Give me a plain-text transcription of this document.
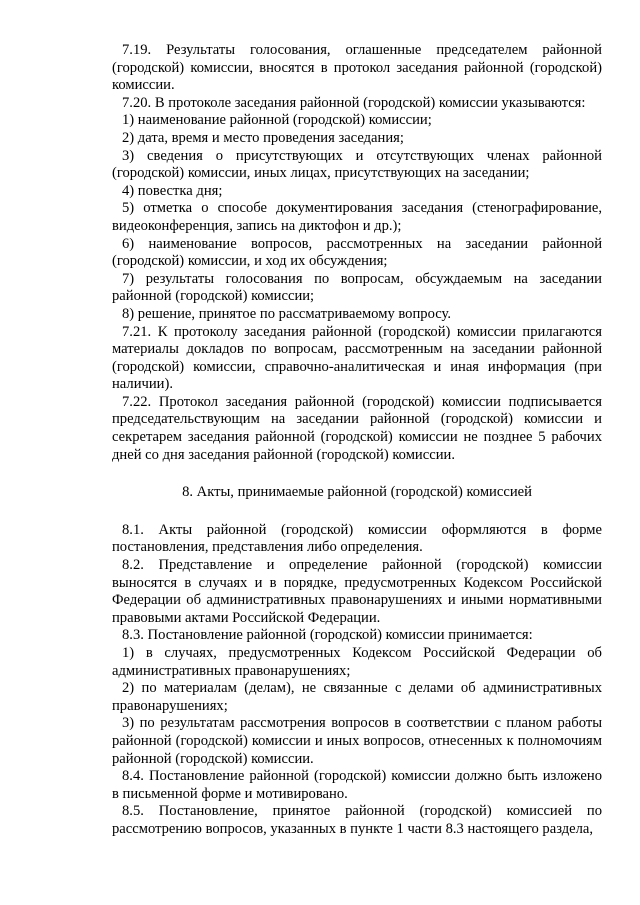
7.19. Результаты голосования, оглашенные председателем районной (городской) комиссии, вносятся в протокол заседания районной (городской) комиссии.

7.20. В протоколе заседания районной (городской) комиссии указываются:

1) наименование районной (городской) комиссии;

2) дата, время и место проведения заседания;

3) сведения о присутствующих и отсутствующих членах районной (городской) комиссии, иных лицах, присутствующих на заседании;

4) повестка дня;

5) отметка о способе документирования заседания (стенографирование, видеоконференция, запись на диктофон и др.);

6) наименование вопросов, рассмотренных на заседании районной (городской) комиссии, и ход их обсуждения;

7) результаты голосования по вопросам, обсуждаемым на заседании районной (городской) комиссии;

8) решение, принятое по рассматриваемому вопросу.

7.21. К протоколу заседания районной (городской) комиссии прилагаются материалы докладов по вопросам, рассмотренным на заседании районной (городской) комиссии, справочно-аналитическая и иная информация (при наличии).

7.22. Протокол заседания районной (городской) комиссии подписывается председательствующим на заседании районной (городской) комиссии и секретарем заседания районной (городской) комиссии не позднее 5 рабочих дней со дня заседания районной (городской) комиссии.

8. Акты, принимаемые районной (городской) комиссией

8.1. Акты районной (городской) комиссии оформляются в форме постановления, представления либо определения.

8.2. Представление и определение районной (городской) комиссии выносятся в случаях и в порядке, предусмотренных Кодексом Российской Федерации об административных правонарушениях и иными нормативными правовыми актами Российской Федерации.

8.3. Постановление районной (городской) комиссии принимается:

1) в случаях, предусмотренных Кодексом Российской Федерации об административных правонарушениях;

2) по материалам (делам), не связанные с делами об административных правонарушениях;

3) по результатам рассмотрения вопросов в соответствии с планом работы районной (городской) комиссии и иных вопросов, отнесенных к полномочиям районной (городской) комиссии.

8.4. Постановление районной (городской) комиссии должно быть изложено в письменной форме и мотивировано.

8.5. Постановление, принятое районной (городской) комиссией по рассмотрению вопросов, указанных в пункте 1 части 8.3 настоящего раздела,
